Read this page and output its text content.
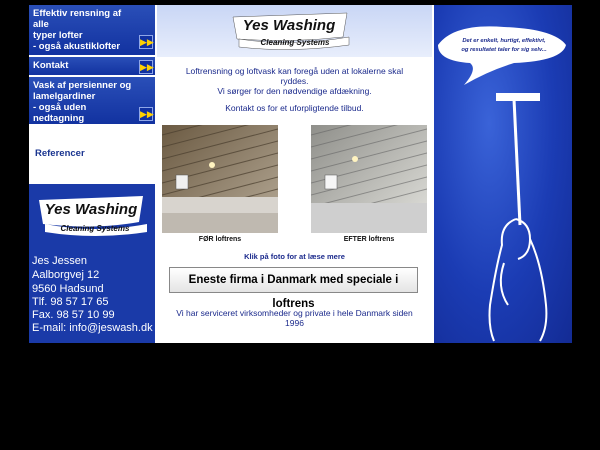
Effektiv rensning af alle
typer lofter
- også akustiklofter	▶▶
Kontakt	▶▶
Vask af persienner og
lamelgardiner
- også uden
nedtagning	▶▶
Referencer
Yes Washing
Cleaning Systems
Jes Jessen
Aalborgvej 12
9560 Hadsund
Tlf. 98 57 17 65
Fax. 98 57 10 99
E-mail: info@jeswash.dk
Yes Washing
Cleaning Systems
Loftrensning og loftvask kan foregå uden at lokalerne skal
ryddes.
Vi sørger for den nødvendige afdækning.
Kontakt os for et uforpligtende tilbud.
FØR loftrens	EFTER loftrens
Klik på foto for at læse mere
Eneste firma i Danmark med speciale i loftrens
Vi har serviceret virksomheder og private i hele Danmark siden
1996
Det er enkelt, hurtigt, effektivt,
og resultatet taler for sig selv...
